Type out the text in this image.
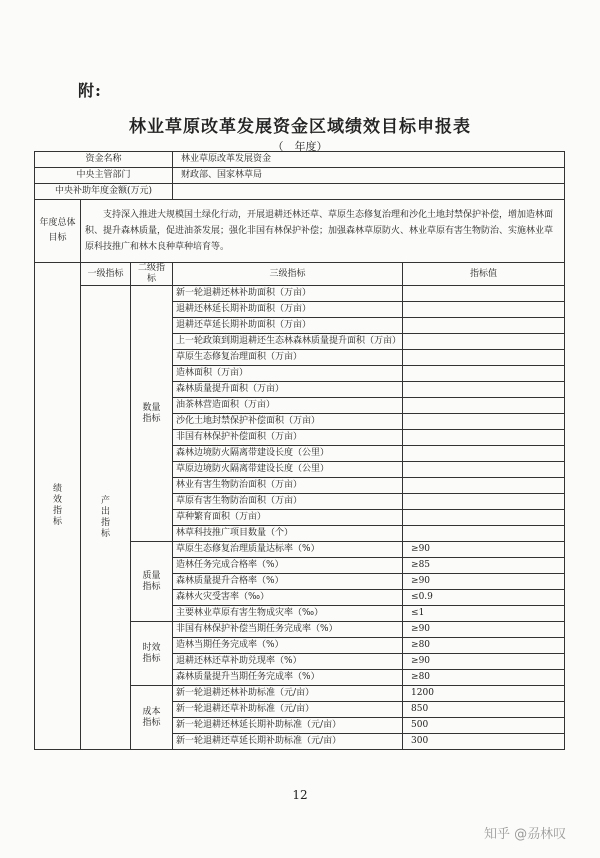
附:
林业草原改革发展资金区域绩效目标申报表
（　年度）
资金名称			林业草原改革发展资金	
中央主管部门			财政部、国家林草局	
中央补助年度金额(万元)				
年度总体目标	支持深入推进大规模国土绿化行动，开展退耕还林还草、草原生态修复治理和沙化土地封禁保护补偿，增加造林面积、提升森林质量，促进油茶发展；强化非国有林保护补偿；加强森林草原防火、林业草原有害生物防治、实施林业草原科技推广和林木良种草种培育等。			
绩效指标	一级指标	二级指标	三级指标	指标值
	产出指标	数量指标	新一轮退耕还林补助面积（万亩）	
			退耕还林延长期补助面积（万亩）	
			退耕还草延长期补助面积（万亩）	
			上一轮政策到期退耕还生态林森林质量提升面积（万亩）	
			草原生态修复治理面积（万亩）	
			造林面积（万亩）	
			森林质量提升面积（万亩）	
			油茶林营造面积（万亩）	
			沙化土地封禁保护补偿面积（万亩）	
			非国有林保护补偿面积（万亩）	
			森林边境防火隔离带建设长度（公里）	
			草原边境防火隔离带建设长度（公里）	
			林业有害生物防治面积（万亩）	
			草原有害生物防治面积（万亩）	
			草种繁育面积（万亩）	
			林草科技推广项目数量（个）	
		质量指标	草原生态修复治理质量达标率（%）	≥90
			造林任务完成合格率（%）	≥85
			森林质量提升合格率（%）	≥90
			森林火灾受害率（‰）	≤0.9
			主要林业草原有害生物成灾率（‰）	≤1
		时效指标	非国有林保护补偿当期任务完成率（%）	≥90
			造林当期任务完成率（%）	≥80
			退耕还林还草补助兑现率（%）	≥90
			森林质量提升当期任务完成率（%）	≥80
		成本指标	新一轮退耕还林补助标准（元/亩）	1200
			新一轮退耕还草补助标准（元/亩）	850
			新一轮退耕还林延长期补助标准（元/亩）	500
			新一轮退耕还草延长期补助标准（元/亩）	300
12
知乎 @刕林叹
